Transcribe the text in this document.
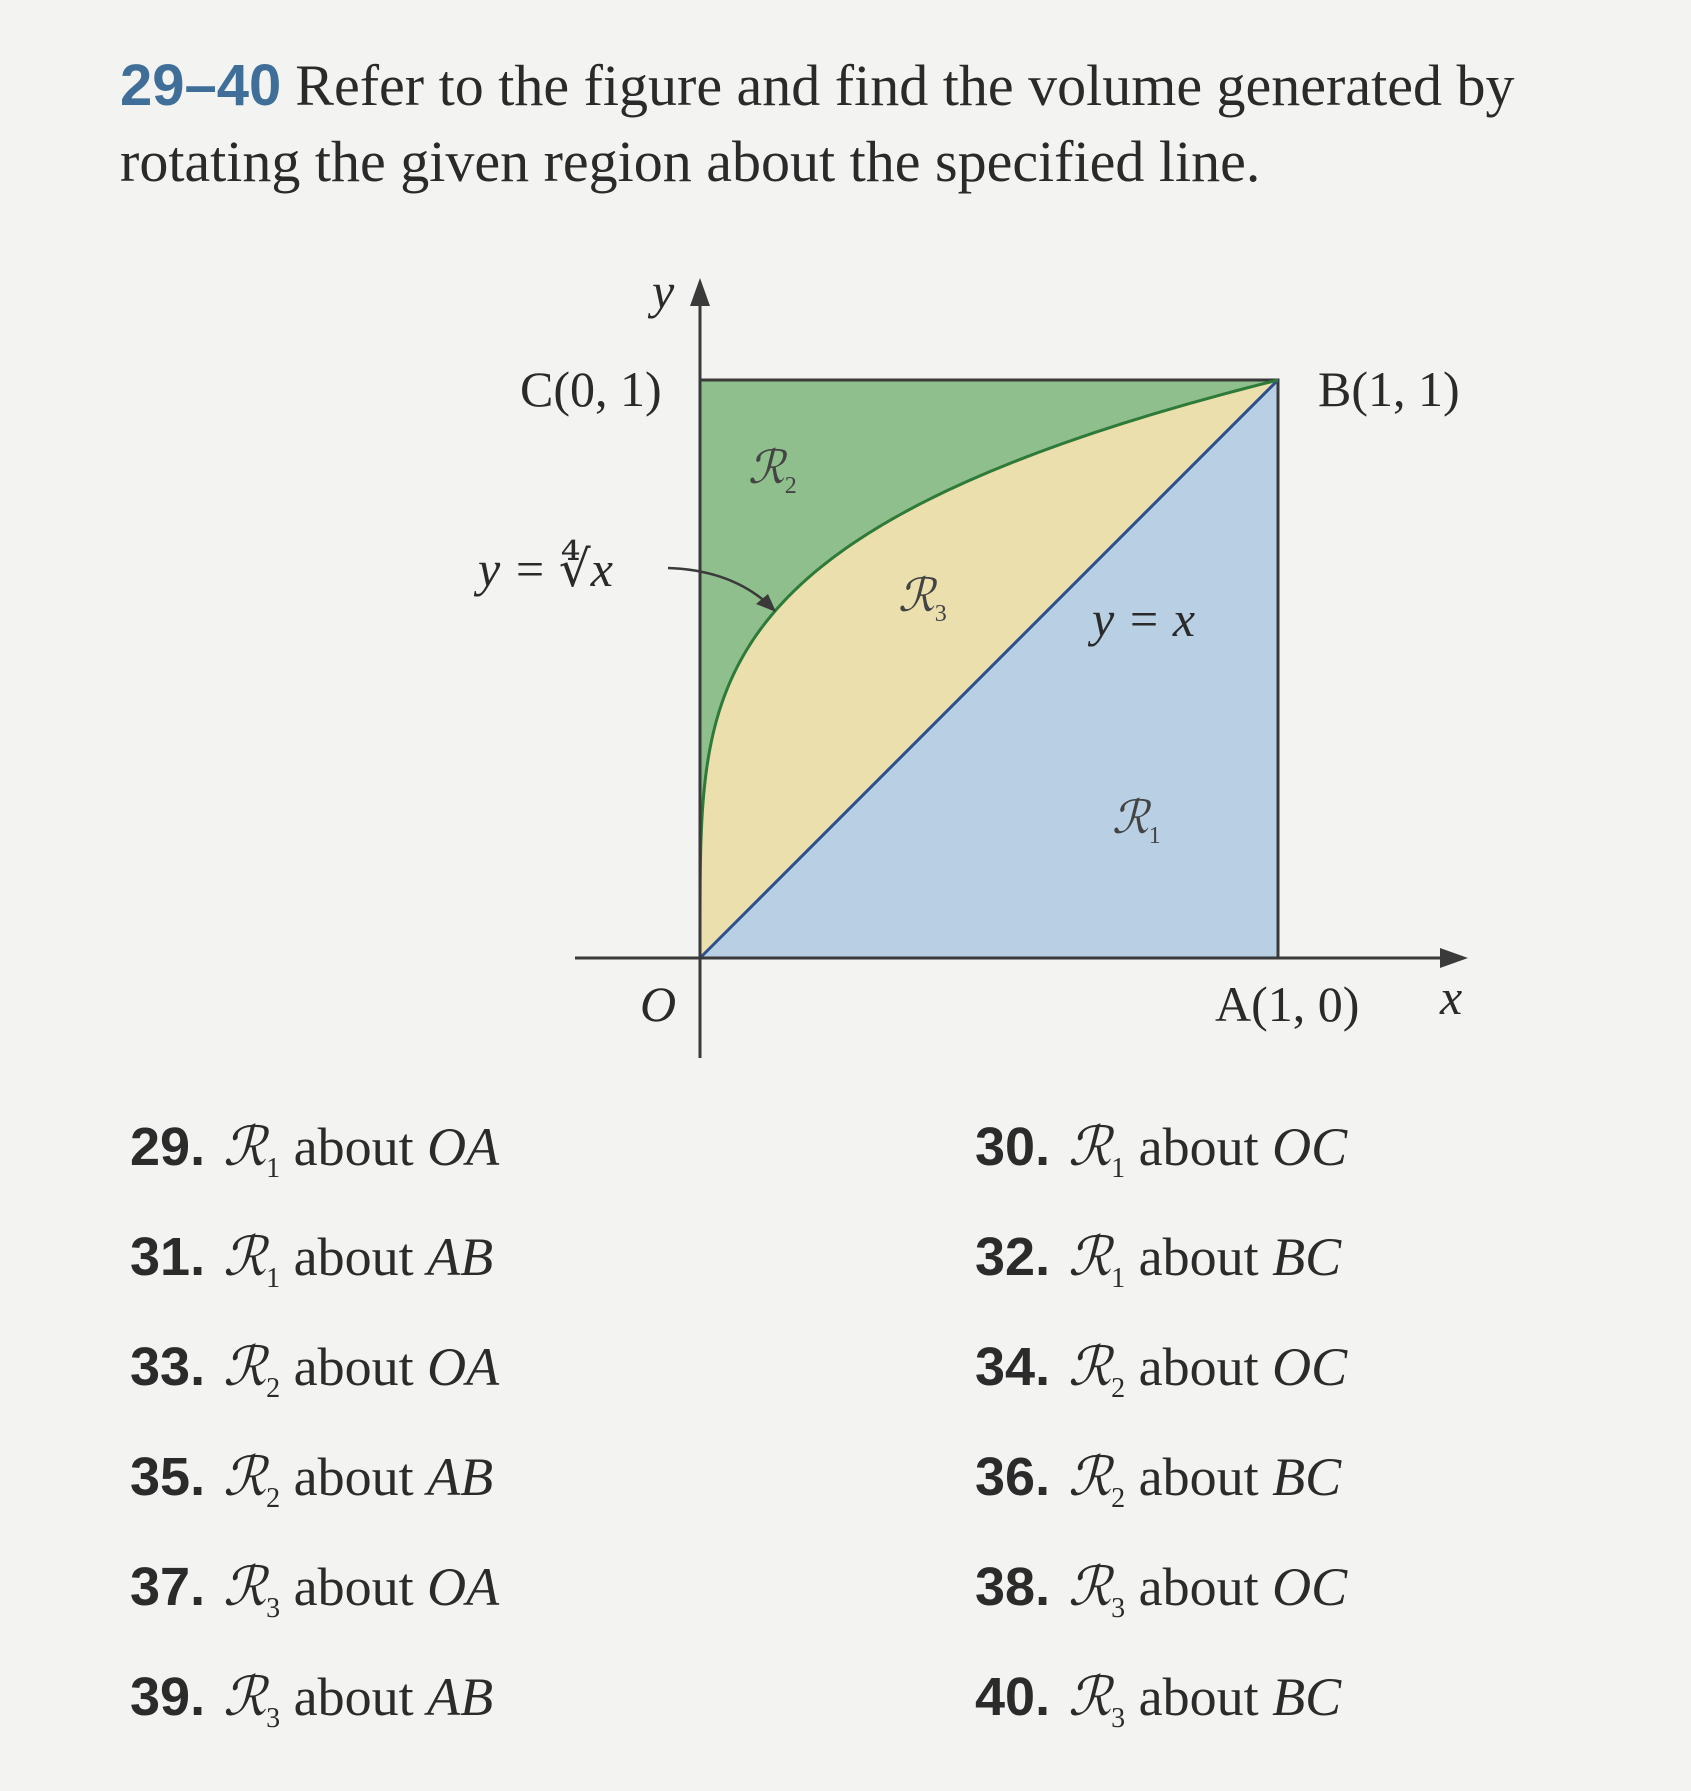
29–40 Refer to the figure and find the volume generated by rotating the given region about the specified line.
y
x
C(0, 1)	B(1, 1)
A(1, 0)
O
y = ∜x
y = x
ℛ$_2$
ℛ$_3$
ℛ$_1$
29. ℛ$_1$ about OA	30. ℛ$_1$ about OC
31. ℛ$_1$ about AB	32. ℛ$_1$ about BC
33. ℛ$_2$ about OA	34. ℛ$_2$ about OC
35. ℛ$_2$ about AB	36. ℛ$_2$ about BC
37. ℛ$_3$ about OA	38. ℛ$_3$ about OC
39. ℛ$_3$ about AB	40. ℛ$_3$ about BC
